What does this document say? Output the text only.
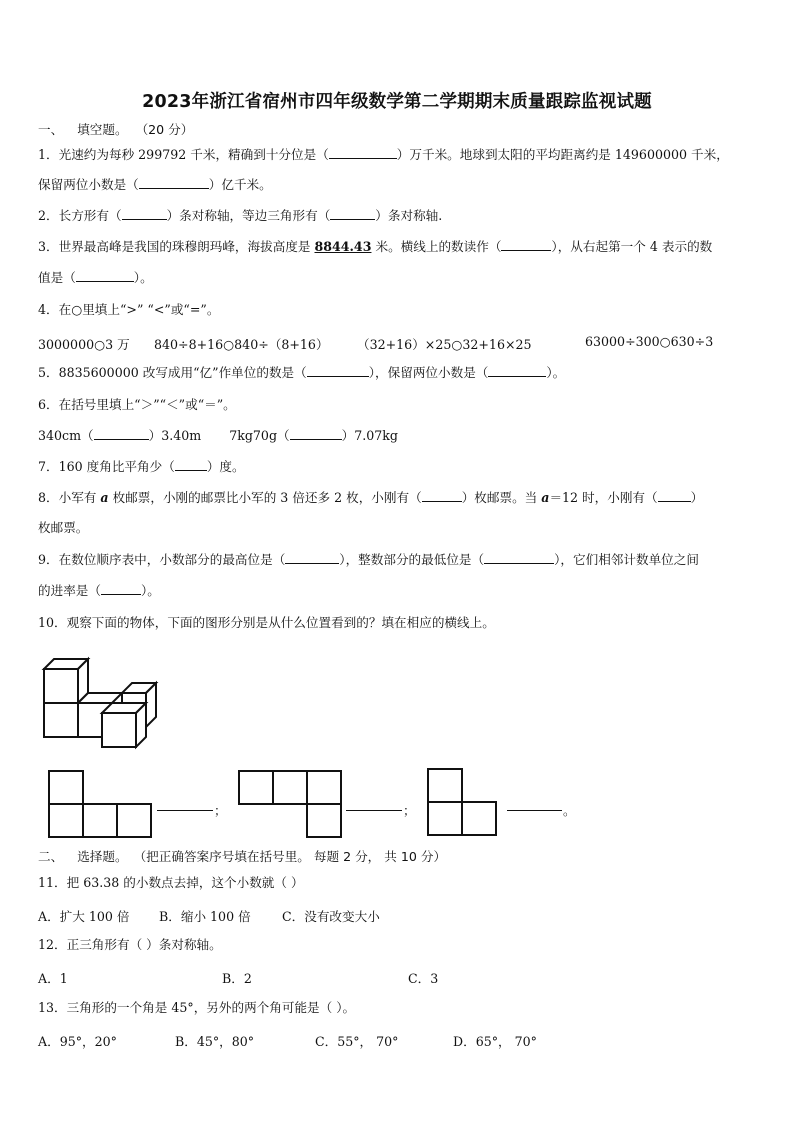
2023年浙江省宿州市四年级数学第二学期期末质量跟踪监视试题
一、 填空题。 （20 分）
1．光速约为每秒 299792 千米，精确到十分位是（	）万千米。地球到太阳的平均距离约是 149600000 千米，
保留两位小数是（	）亿千米。
2．长方形有（	）条对称轴，等边三角形有（	）条对称轴.
3．世界最高峰是我国的珠穆朗玛峰，海拔高度是 8844.43 米。横线上的数读作（	），从右起第一个 4 表示的数
值是（	）。
4．在○里填上“>” “<”或“=”。
3000000○3 万 840÷8+16○840÷（8+16） （32+16）×25○32+16×25	63000÷300○630÷3
5．8835600000 改写成用“亿”作单位的数是（	），保留两位小数是（	）。
6．在括号里填上“＞”“＜”或“＝”。
340cm（	）3.40m 7kg70g（	）7.07kg
7．160 度角比平角少（	）度。
8．小军有 a 枚邮票，小刚的邮票比小军的 3 倍还多 2 枚，小刚有（	）枚邮票。当 a＝12 时，小刚有（	）
枚邮票。
9．在数位顺序表中，小数部分的最高位是（	），整数部分的最低位是（	），它们相邻计数单位之间
的进率是（	）。
10．观察下面的物体，下面的图形分别是从什么位置看到的？填在相应的横线上。
；	；	。
二、 选择题。 （把正确答案序号填在括号里。 每题 2 分， 共 10 分）
11．把 63.38 的小数点去掉，这个小数就（ ）
A．扩大 100 倍 B．缩小 100 倍 C．没有改变大小
12．正三角形有（ ）条对称轴。
A．1	B．2	C．3
13．三角形的一个角是 45°，另外的两个角可能是（ ）。
A．95°，20°	B．45°，80°	C．55°， 70°	D．65°， 70°
